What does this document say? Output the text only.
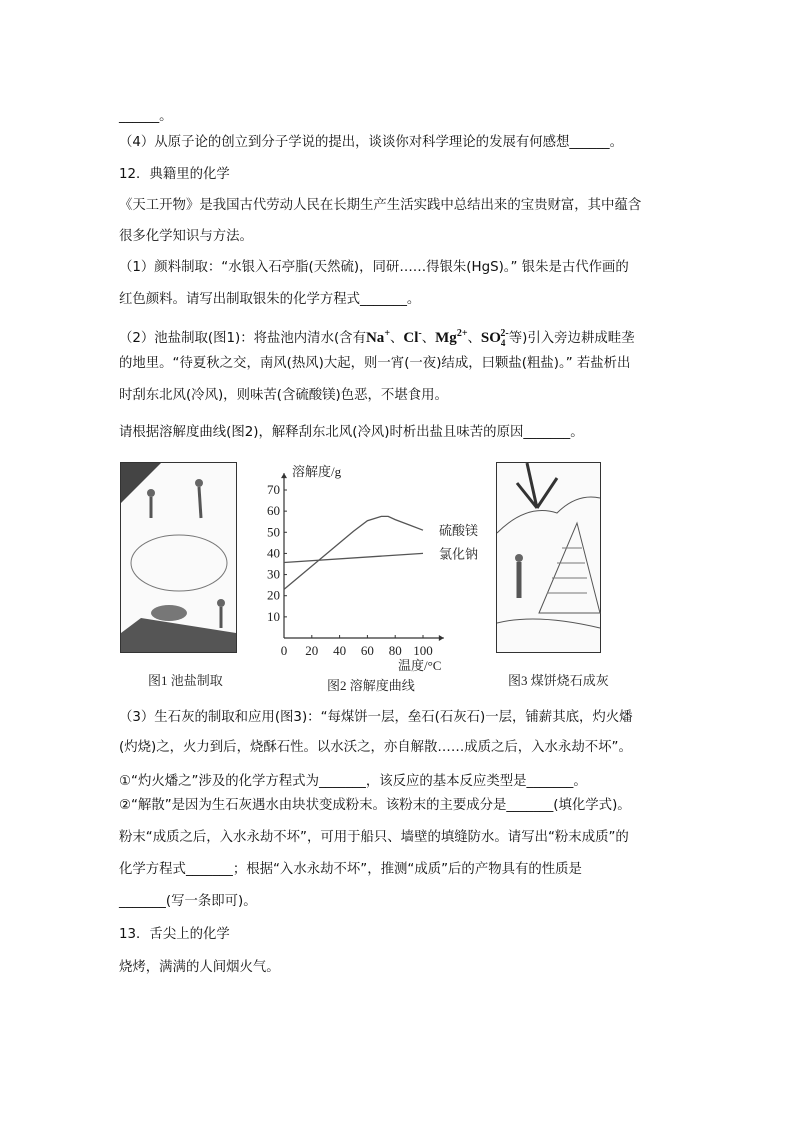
______。
（4）从原子论的创立到分子学说的提出，谈谈你对科学理论的发展有何感想______。
12．典籍里的化学
《天工开物》是我国古代劳动人民在长期生产生活实践中总结出来的宝贵财富，其中蕴含
很多化学知识与方法。
（1）颜料制取：“水银入石亭脂(天然硫)，同研……得银朱(HgS)。” 银朱是古代作画的
红色颜料。请写出制取银朱的化学方程式_______。
（2）池盐制取(图1)：将盐池内清水(含有Na+、Cl-、$Mg^{2+}$、$SO_4^{2-}$等)引入旁边耕成畦垄
的地里。“待夏秋之交，南风(热风)大起，则一宵(一夜)结成，曰颗盐(粗盐)。” 若盐析出
时刮东北风(冷风)，则味苦(含硫酸镁)色恶，不堪食用。
请根据溶解度曲线(图2)，解释刮东北风(冷风)时析出盐且味苦的原因_______。
图1 池盐制取
0 20 40 60 80 100
10
20
30
40
50
60
70
溶解度/g
温度/°C
硫酸镁
氯化钠
图2 溶解度曲线	图3 煤饼烧石成灰
（3）生石灰的制取和应用(图3)：“每煤饼一层，垒石(石灰石)一层，铺薪其底，灼火燔
(灼烧)之，火力到后，烧酥石性。以水沃之，亦自解散……成质之后，入水永劫不坏”。
①“灼火燔之”涉及的化学方程式为_______，该反应的基本反应类型是_______。
②“解散”是因为生石灰遇水由块状变成粉末。该粉末的主要成分是_______(填化学式)。
粉末“成质之后，入水永劫不坏”，可用于船只、墙壁的填缝防水。请写出“粉末成质”的
化学方程式_______；根据“入水永劫不坏”，推测“成质”后的产物具有的性质是
_______(写一条即可)。
13．舌尖上的化学
烧烤，满满的人间烟火气。
